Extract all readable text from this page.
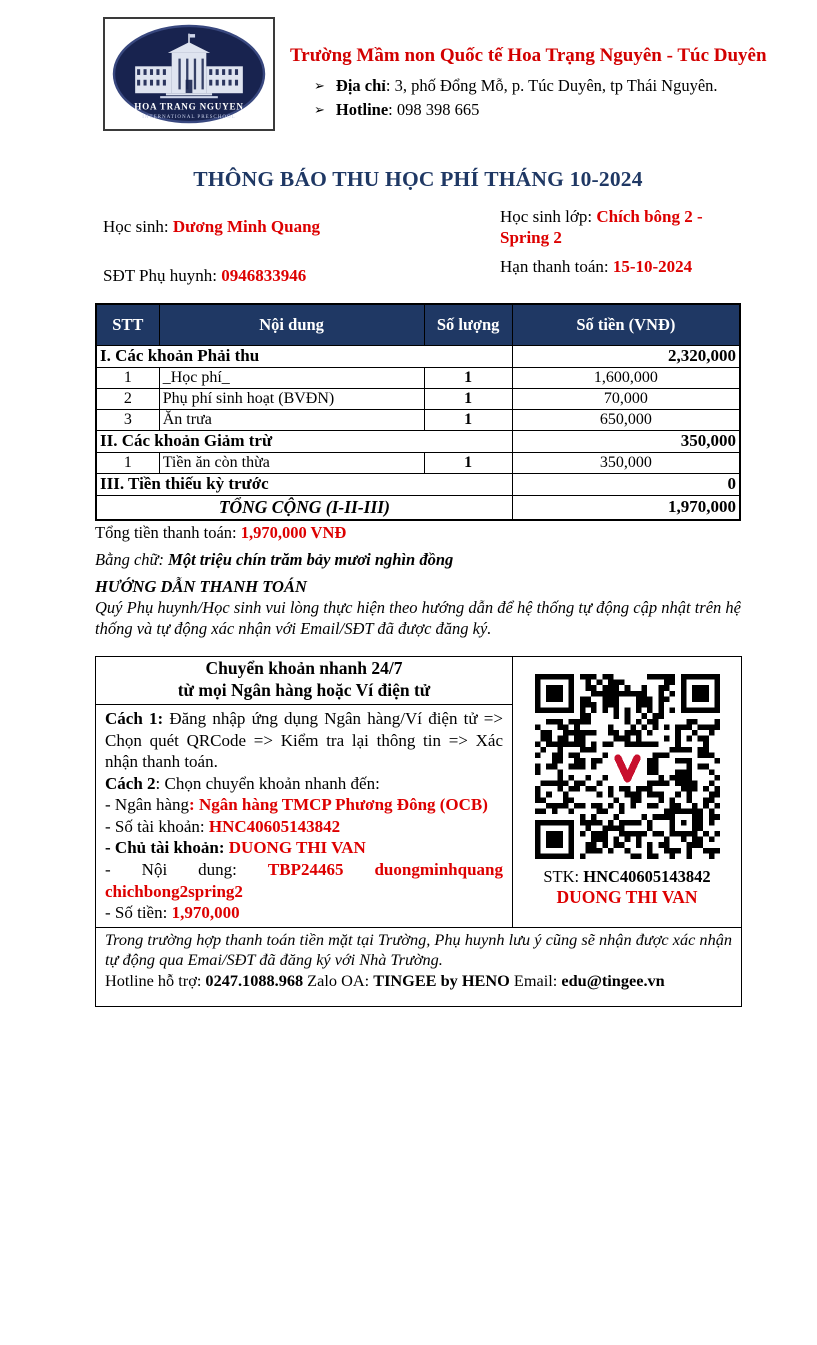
HOA TRANG NGUYEN
INTERNATIONAL PRESCHOOL
Trường Mầm non Quốc tế Hoa Trạng Nguyên - Túc Duyên
➢ Địa chỉ: 3, phố Đổng Mỗ, p. Túc Duyên, tp Thái Nguyên.
➢ Hotline: 098 398 665
THÔNG BÁO THU HỌC PHÍ THÁNG 10-2024
Học sinh: Dương Minh Quang
Học sinh lớp: Chích bông 2 - Spring 2
SĐT Phụ huynh: 0946833946	Hạn thanh toán: 15-10-2024
STT	Nội dung	Số lượng	Số tiền (VNĐ)
I. Các khoản Phải thu			2,320,000
1	_Học phí_	1	1,600,000
2	Phụ phí sinh hoạt (BVĐN)	1	70,000
3	Ăn trưa	1	650,000
II. Các khoản Giảm trừ			350,000
1	Tiền ăn còn thừa	1	350,000
III. Tiền thiếu kỳ trước			0
TỔNG CỘNG (I-II-III)			1,970,000

Tổng tiền thanh toán: 1,970,000 VNĐ

Bằng chữ: Một triệu chín trăm bảy mươi nghìn đồng

HƯỚNG DẪN THANH TOÁN

Quý Phụ huynh/Học sinh vui lòng thực hiện theo hướng dẫn để hệ thống tự động cập nhật trên hệ thống và tự động xác nhận với Email/SĐT đã được đăng ký.

Chuyển khoản nhanh 24/7
từ mọi Ngân hàng hoặc Ví điện tử	
STK: HNC40605143842
DUONG THI VAN

Cách 1: Đăng nhập ứng dụng Ngân hàng/Ví điện tử => Chọn quét QRCode => Kiểm tra lại thông tin => Xác nhận thanh toán.

Cách 2: Chọn chuyển khoản nhanh đến:

- Ngân hàng: Ngân hàng TMCP Phương Đông (OCB)

- Số tài khoản: HNC40605143842

- Chủ tài khoản: DUONG THI VAN

- Nội dung: TBP24465 duongminhquang chichbong2spring2

- Số tiền: 1,970,000

Trong trường hợp thanh toán tiền mặt tại Trường, Phụ huynh lưu ý cũng sẽ nhận được xác nhận tự động qua Emai/SĐT đã đăng ký với Nhà Trường.

Hotline hỗ trợ: 0247.1088.968 Zalo OA: TINGEE by HENO Email: edu@tingee.vn
